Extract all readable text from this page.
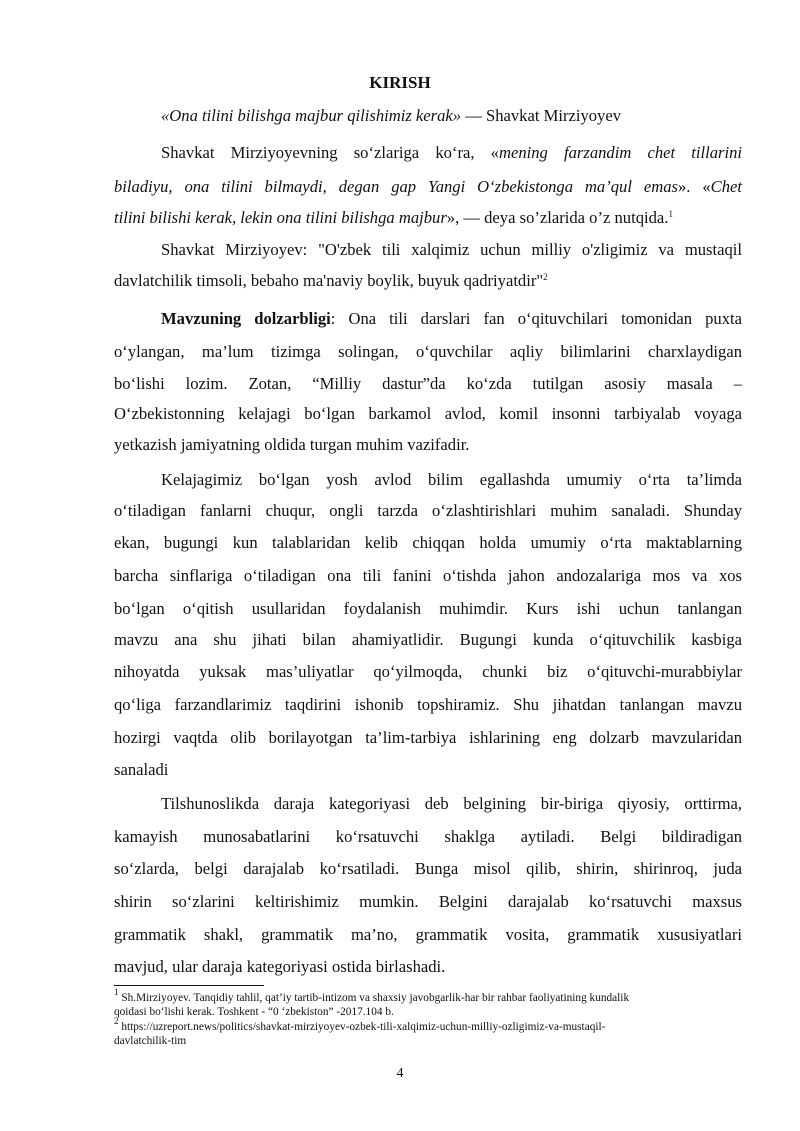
KIRISH
«Ona tilini bilishga majbur qilishimiz kerak» — Shavkat Mirziyoyev
Shavkat Mirziyoyevning so‘zlariga ko‘ra, «mening farzandim chet tillarini
biladiyu, ona tilini bilmaydi, degan gap Yangi O‘zbekistonga ma’qul emas». «Chet
tilini bilishi kerak, lekin ona tilini bilishga majbur», — deya so’zlarida o’z nutqida.$^1$
Shavkat Mirziyoyev: "O'zbek tili xalqimiz uchun milliy o'zligimiz va mustaqil
davlatchilik timsoli, bebaho ma'naviy boylik, buyuk qadriyatdir"$^2$
Mavzuning dolzarbligi: Ona tili darslari fan o‘qituvchilari tomonidan puxta
o‘ylangan, ma’lum tizimga solingan, o‘quvchilar aqliy bilimlarini charxlaydigan
bo‘lishi lozim. Zotan, “Milliy dastur”da ko‘zda tutilgan asosiy masala –
O‘zbekistonning kelajagi bo‘lgan barkamol avlod, komil insonni tarbiyalab voyaga
yetkazish jamiyatning oldida turgan muhim vazifadir.
Kelajagimiz bo‘lgan yosh avlod bilim egallashda umumiy o‘rta ta’limda
o‘tiladigan fanlarni chuqur, ongli tarzda o‘zlashtirishlari muhim sanaladi. Shunday
ekan, bugungi kun talablaridan kelib chiqqan holda umumiy o‘rta maktablarning
barcha sinflariga o‘tiladigan ona tili fanini o‘tishda jahon andozalariga mos va xos
bo‘lgan o‘qitish usullaridan foydalanish muhimdir. Kurs ishi uchun tanlangan
mavzu ana shu jihati bilan ahamiyatlidir. Bugungi kunda o‘qituvchilik kasbiga
nihoyatda yuksak mas’uliyatlar qo‘yilmoqda, chunki biz o‘qituvchi-murabbiylar
qo‘liga farzandlarimiz taqdirini ishonib topshiramiz. Shu jihatdan tanlangan mavzu
hozirgi vaqtda olib borilayotgan ta’lim-tarbiya ishlarining eng dolzarb mavzularidan
sanaladi
Tilshunoslikda daraja kategoriyasi deb belgining bir-biriga qiyosiy, orttirma,
kamayish munosabatlarini ko‘rsatuvchi shaklga aytiladi. Belgi bildiradigan
so‘zlarda, belgi darajalab ko‘rsatiladi. Bunga misol qilib, shirin, shirinroq, juda
shirin so‘zlarini keltirishimiz mumkin. Belgini darajalab ko‘rsatuvchi maxsus
grammatik shakl, grammatik ma’no, grammatik vosita, grammatik xususiyatlari
mavjud, ular daraja kategoriyasi ostida birlashadi.
$^1$ Sh.Mirziyoyev. Tanqidiy tahlil, qat’iy tartib-intizom va shaxsiy javobgarlik-har bir rahbar faoliyatining kundalik
qoidasi bo‘lishi kerak. Toshkent - “0 ‘zbekiston” -2017.104 b.
$^2$ https://uzreport.news/politics/shavkat-mirziyoyev-ozbek-tili-xalqimiz-uchun-milliy-ozligimiz-va-mustaqil-
davlatchilik-tim
4
